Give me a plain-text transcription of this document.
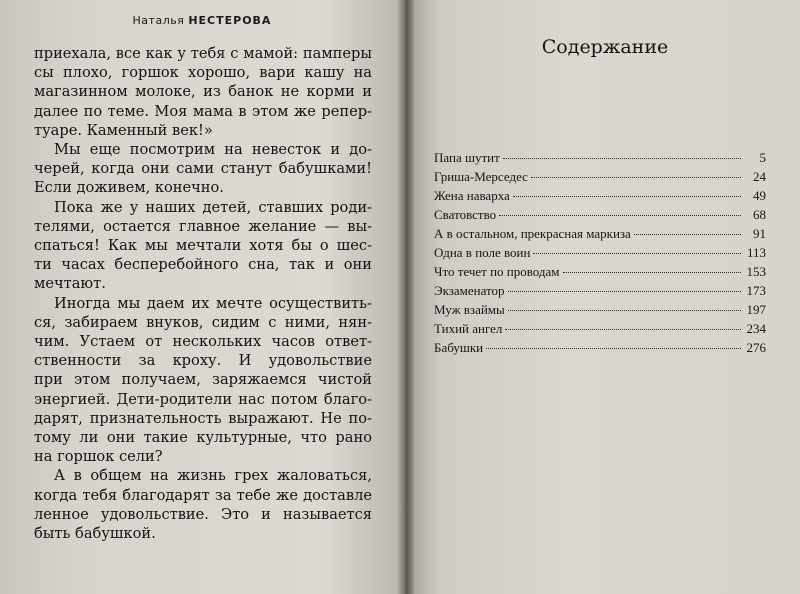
Наталья НЕСТЕРОВА
приехала, все как у тебя с мамой: памперы
сы плохо, горшок хорошо, вари кашу на
магазинном молоке, из банок не корми и
далее по теме. Моя мама в этом же репер-
туаре. Каменный век!»
Мы еще посмотрим на невесток и до-
черей, когда они сами станут бабушками!
Если доживем, конечно.
Пока же у наших детей, ставших роди-
телями, остается главное желание — вы-
спаться! Как мы мечтали хотя бы о шес-
ти часах бесперебойного сна, так и они
мечтают.
Иногда мы даем их мечте осуществить-
ся, забираем внуков, сидим с ними, нян-
чим. Устаем от нескольких часов ответ-
ственности за кроху. И удовольствие
при этом получаем, заряжаемся чистой
энергией. Дети-родители нас потом благо-
дарят, признательность выражают. Не по-
тому ли они такие культурные, что рано
на горшок сели?
А в общем на жизнь грех жаловаться,
когда тебя благодарят за тебе же доставле
ленное удовольствие. Это и называется
быть бабушкой.
Содержание
Папа шутит	5
Гриша-Мерседес	24
Жена наварха	49
Сватовство	68
А в остальном, прекрасная маркиза	91
Одна в поле воин	113
Что течет по проводам	153
Экзаменатор	173
Муж взаймы	197
Тихий ангел	234
Бабушки	276
